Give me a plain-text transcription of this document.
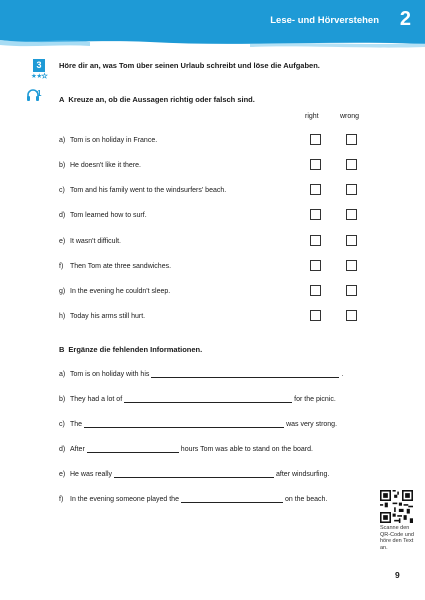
Lese- und Hörverstehen 2
3
★★★
Höre dir an, was Tom über seinen Urlaub schreibt und löse die Aufgaben.
1
A Kreuze an, ob die Aussagen richtig oder falsch sind.
right	wrong
a) Tom is on holiday in France.
b) He doesn't like it there.
c) Tom and his family went to the windsurfers' beach.
d) Tom learned how to surf.
e) It wasn't difficult.
f) Then Tom ate three sandwiches.
g) In the evening he couldn't sleep.
h) Today his arms still hurt.
B Ergänze die fehlenden Informationen.
a) Tom is on holiday with his	.
b) They had a lot of	for the picnic.
c) The	was very strong.
d) After	hours Tom was able to stand on the board.
e) He was really	after windsurfing.
f) In the evening someone played the	on the beach.
Scanne den QR-Code und höre den Text an.
9
